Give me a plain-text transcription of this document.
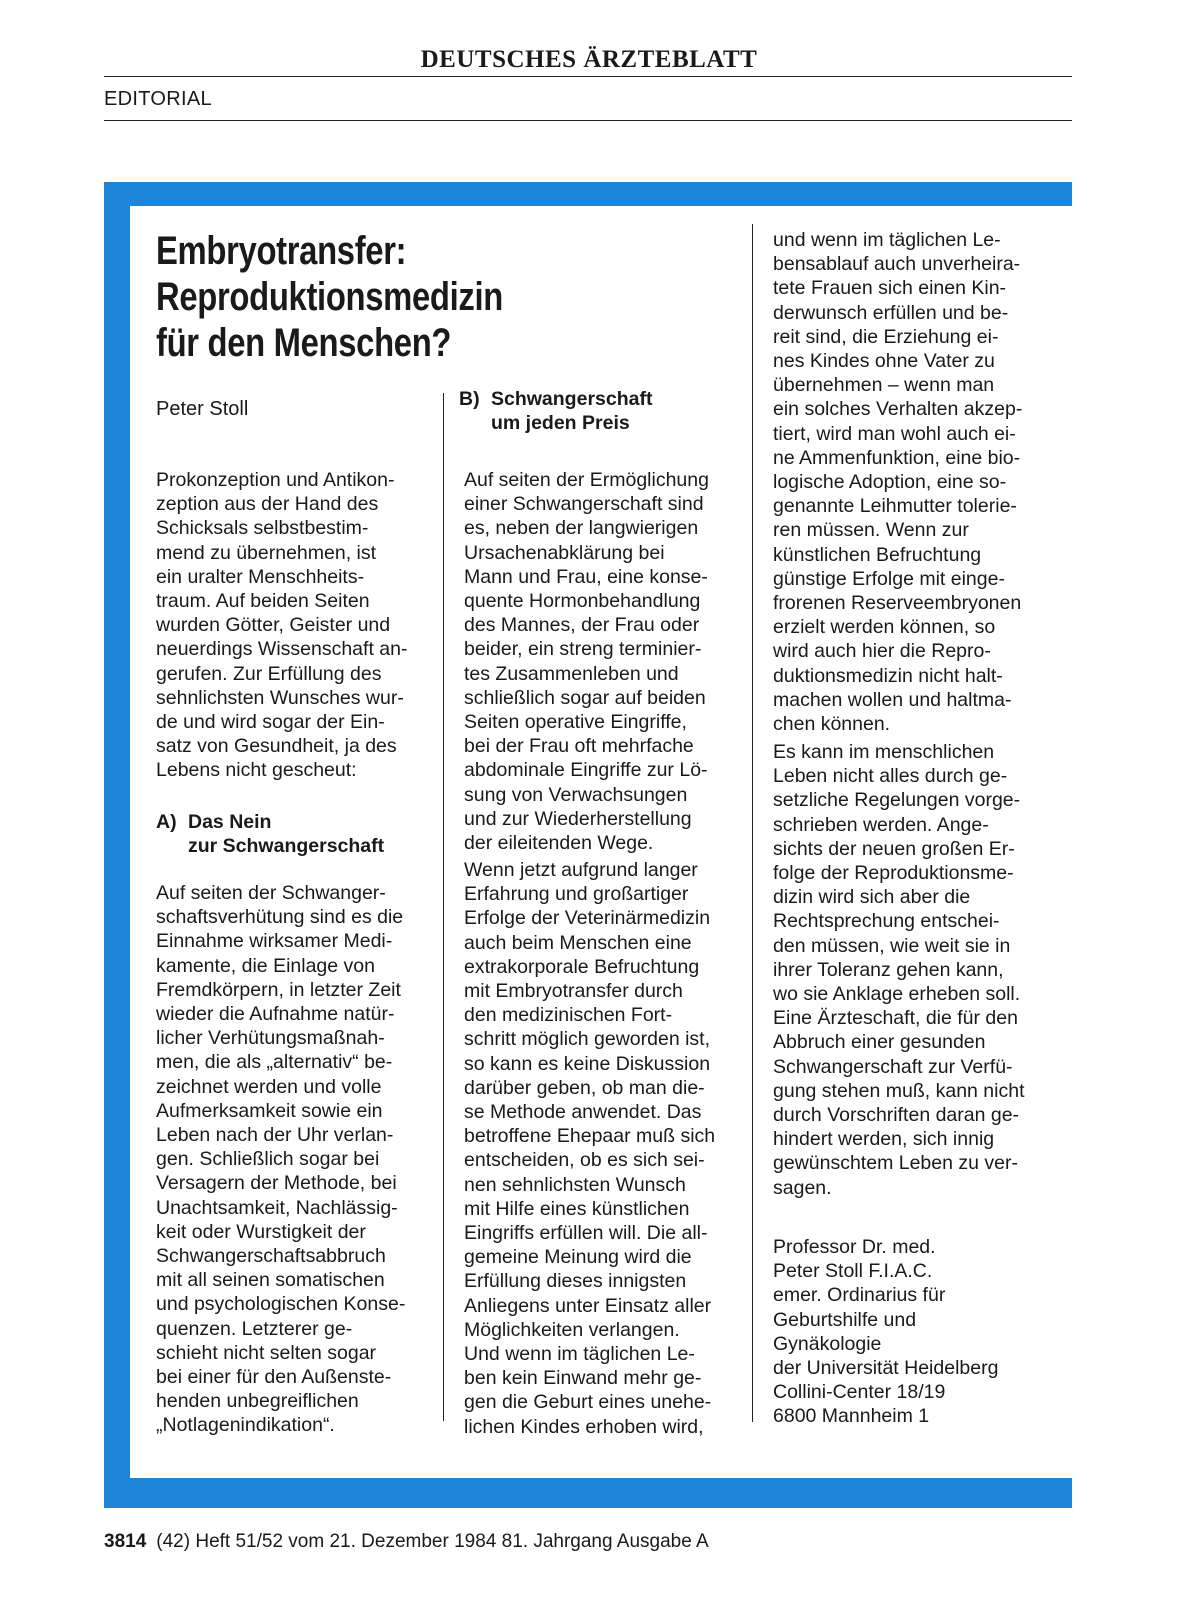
DEUTSCHES ÄRZTEBLATT
EDITORIAL
Embryotransfer:
Reproduktionsmedizin
für den Menschen?
Peter Stoll
Prokonzeption und Antikon-
zeption aus der Hand des
Schicksals selbstbestim-
mend zu übernehmen, ist
ein uralter Menschheits-
traum. Auf beiden Seiten
wurden Götter, Geister und
neuerdings Wissenschaft an-
gerufen. Zur Erfüllung des
sehnlichsten Wunsches wur-
de und wird sogar der Ein-
satz von Gesundheit, ja des
Lebens nicht gescheut:
A) Das Nein
zur Schwangerschaft
Auf seiten der Schwanger-
schaftsverhütung sind es die
Einnahme wirksamer Medi-
kamente, die Einlage von
Fremdkörpern, in letzter Zeit
wieder die Aufnahme natür-
licher Verhütungsmaßnah-
men, die als „alternativ“ be-
zeichnet werden und volle
Aufmerksamkeit sowie ein
Leben nach der Uhr verlan-
gen. Schließlich sogar bei
Versagern der Methode, bei
Unachtsamkeit, Nachlässig-
keit oder Wurstigkeit der
Schwangerschaftsabbruch
mit all seinen somatischen
und psychologischen Konse-
quenzen. Letzterer ge-
schieht nicht selten sogar
bei einer für den Außenste-
henden unbegreiflichen
„Notlagenindikation“.
B) Schwangerschaft
um jeden Preis
Auf seiten der Ermöglichung
einer Schwangerschaft sind
es, neben der langwierigen
Ursachenabklärung bei
Mann und Frau, eine konse-
quente Hormonbehandlung
des Mannes, der Frau oder
beider, ein streng terminier-
tes Zusammenleben und
schließlich sogar auf beiden
Seiten operative Eingriffe,
bei der Frau oft mehrfache
abdominale Eingriffe zur Lö-
sung von Verwachsungen
und zur Wiederherstellung
der eileitenden Wege.
Wenn jetzt aufgrund langer
Erfahrung und großartiger
Erfolge der Veterinärmedizin
auch beim Menschen eine
extrakorporale Befruchtung
mit Embryotransfer durch
den medizinischen Fort-
schritt möglich geworden ist,
so kann es keine Diskussion
darüber geben, ob man die-
se Methode anwendet. Das
betroffene Ehepaar muß sich
entscheiden, ob es sich sei-
nen sehnlichsten Wunsch
mit Hilfe eines künstlichen
Eingriffs erfüllen will. Die all-
gemeine Meinung wird die
Erfüllung dieses innigsten
Anliegens unter Einsatz aller
Möglichkeiten verlangen.
Und wenn im täglichen Le-
ben kein Einwand mehr ge-
gen die Geburt eines unehe-
lichen Kindes erhoben wird,
und wenn im täglichen Le-
bensablauf auch unverheira-
tete Frauen sich einen Kin-
derwunsch erfüllen und be-
reit sind, die Erziehung ei-
nes Kindes ohne Vater zu
übernehmen – wenn man
ein solches Verhalten akzep-
tiert, wird man wohl auch ei-
ne Ammenfunktion, eine bio-
logische Adoption, eine so-
genannte Leihmutter tolerie-
ren müssen. Wenn zur
künstlichen Befruchtung
günstige Erfolge mit einge-
frorenen Reserveembryonen
erzielt werden können, so
wird auch hier die Repro-
duktionsmedizin nicht halt-
machen wollen und haltma-
chen können.
Es kann im menschlichen
Leben nicht alles durch ge-
setzliche Regelungen vorge-
schrieben werden. Ange-
sichts der neuen großen Er-
folge der Reproduktionsme-
dizin wird sich aber die
Rechtsprechung entschei-
den müssen, wie weit sie in
ihrer Toleranz gehen kann,
wo sie Anklage erheben soll.
Eine Ärzteschaft, die für den
Abbruch einer gesunden
Schwangerschaft zur Verfü-
gung stehen muß, kann nicht
durch Vorschriften daran ge-
hindert werden, sich innig
gewünschtem Leben zu ver-
sagen.
Professor Dr. med.
Peter Stoll F.I.A.C.
emer. Ordinarius für
Geburtshilfe und
Gynäkologie
der Universität Heidelberg
Collini-Center 18/19
6800 Mannheim 1
3814 (42) Heft 51/52 vom 21. Dezember 1984 81. Jahrgang Ausgabe A
